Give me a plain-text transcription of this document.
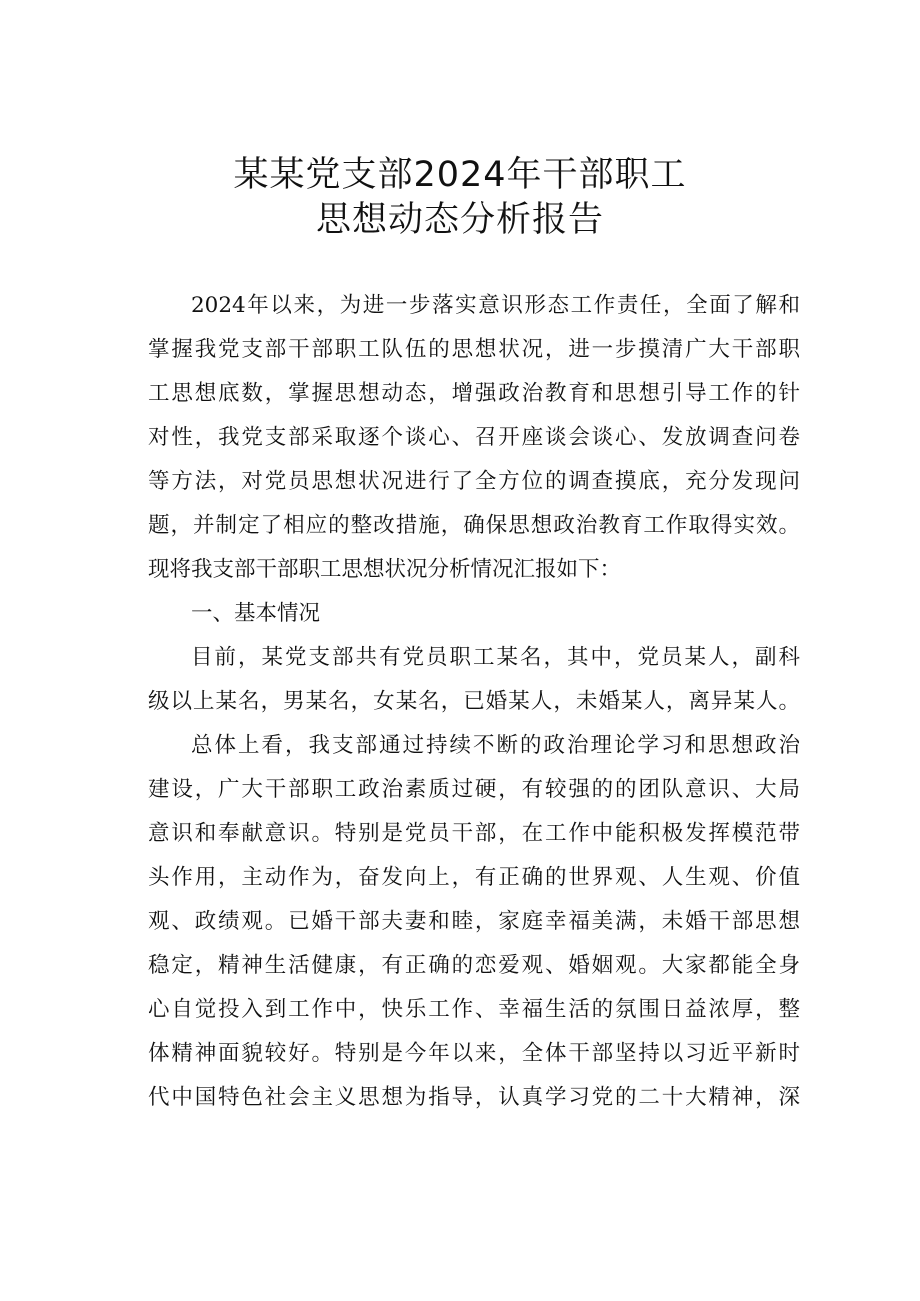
某某党支部2024年干部职工
思想动态分析报告
2024年以来，为进一步落实意识形态工作责任，全面了解和
掌握我党支部干部职工队伍的思想状况，进一步摸清广大干部职
工思想底数，掌握思想动态，增强政治教育和思想引导工作的针
对性，我党支部采取逐个谈心、召开座谈会谈心、发放调查问卷
等方法，对党员思想状况进行了全方位的调查摸底，充分发现问
题，并制定了相应的整改措施，确保思想政治教育工作取得实效。
现将我支部干部职工思想状况分析情况汇报如下：
一、基本情况
目前，某党支部共有党员职工某名，其中，党员某人，副科
级以上某名，男某名，女某名，已婚某人，未婚某人，离异某人。
总体上看，我支部通过持续不断的政治理论学习和思想政治
建设，广大干部职工政治素质过硬，有较强的的团队意识、大局
意识和奉献意识。特别是党员干部，在工作中能积极发挥模范带
头作用，主动作为，奋发向上，有正确的世界观、人生观、价值
观、政绩观。已婚干部夫妻和睦，家庭幸福美满，未婚干部思想
稳定，精神生活健康，有正确的恋爱观、婚姻观。大家都能全身
心自觉投入到工作中，快乐工作、幸福生活的氛围日益浓厚，整
体精神面貌较好。特别是今年以来，全体干部坚持以习近平新时
代中国特色社会主义思想为指导，认真学习党的二十大精神，深
